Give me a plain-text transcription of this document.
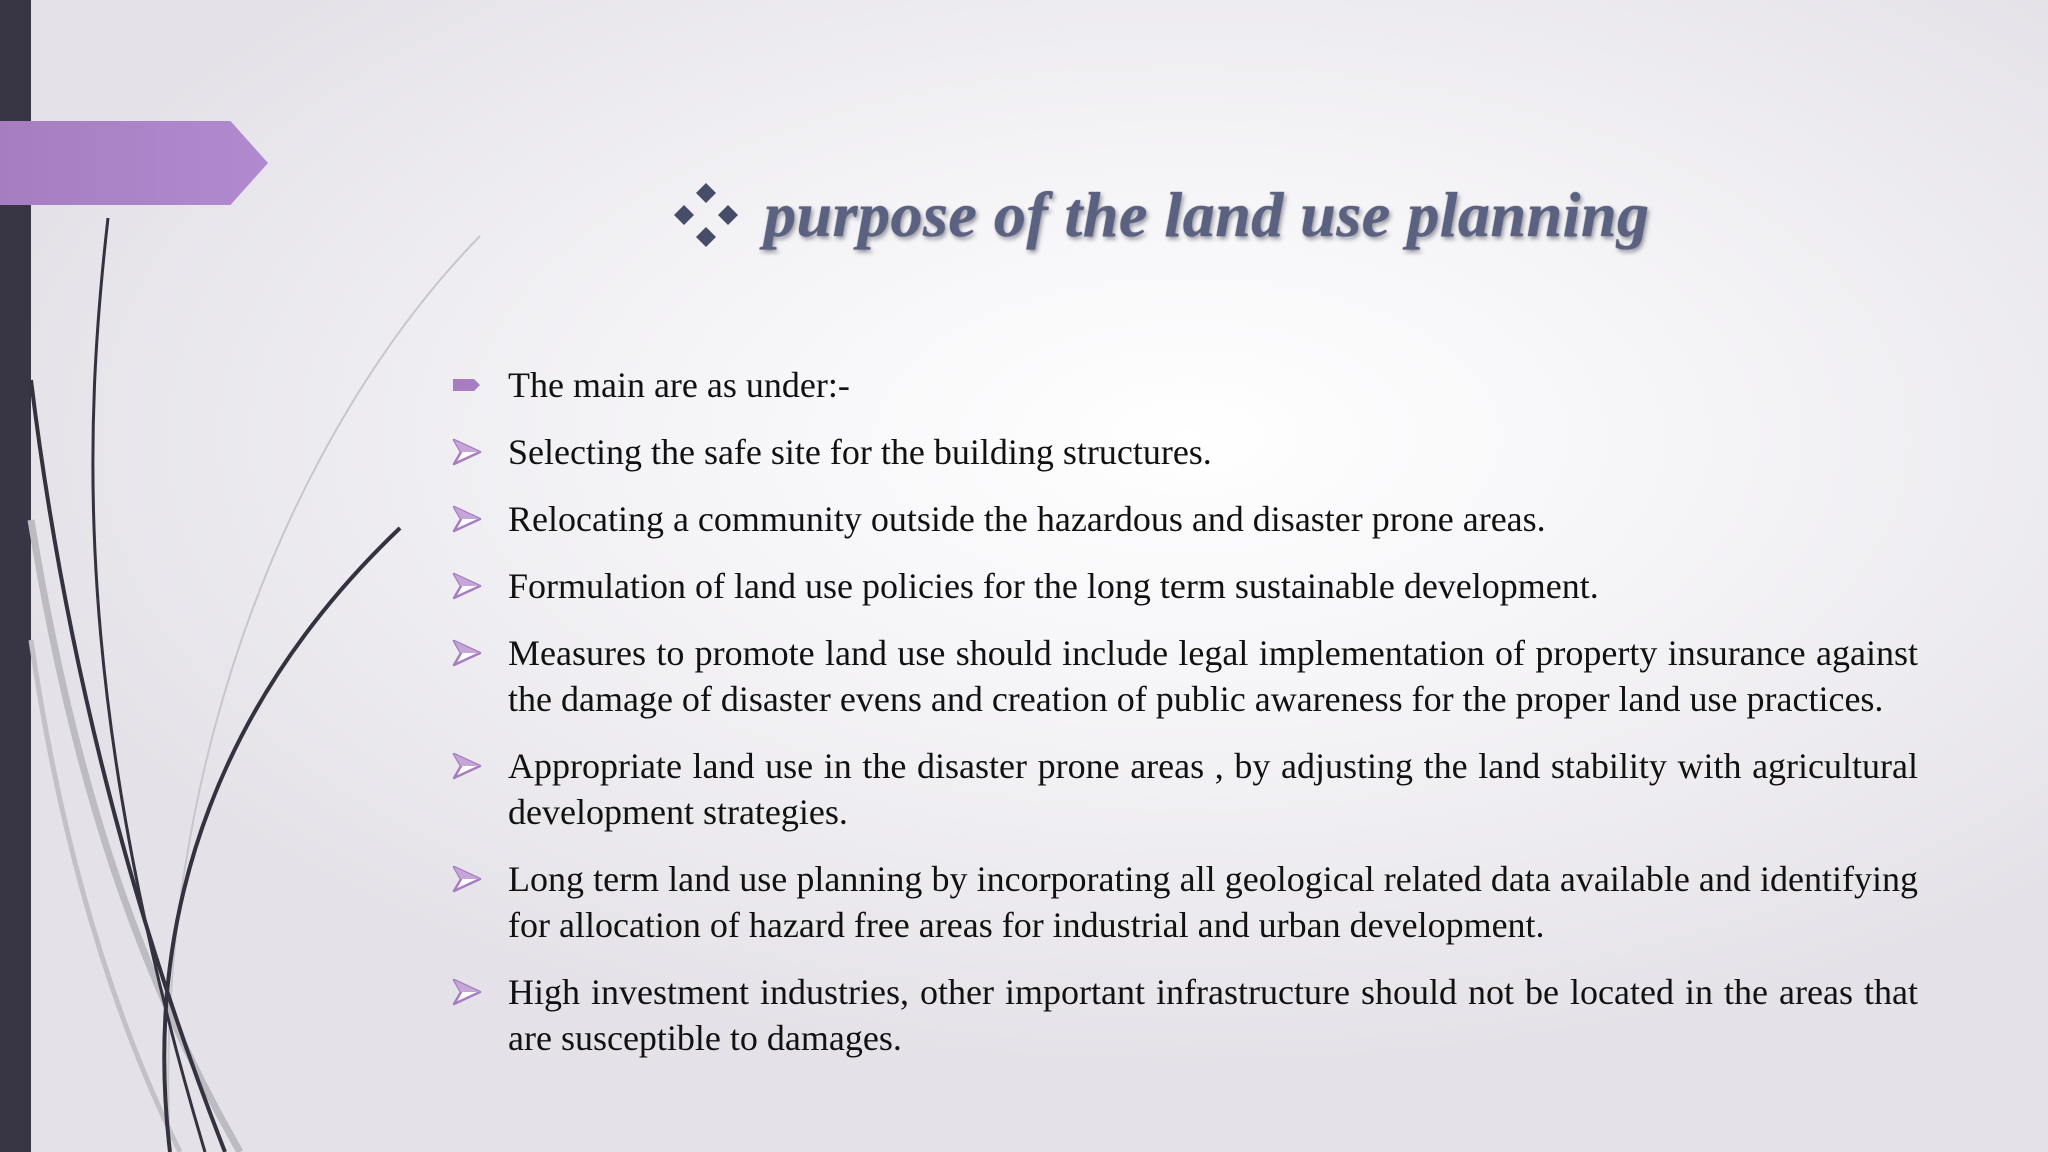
purpose of the land use planning
The main are as under:-
Selecting the safe site for the building structures.
Relocating a community outside the hazardous and disaster prone areas.
Formulation of land use policies for the long term sustainable development.
Measures to promote land use should include legal implementation of property insurance against the damage of disaster evens and creation of public awareness for the proper land use practices.
Appropriate land use in the disaster prone areas , by adjusting the land stability with agricultural development strategies.
Long term land use planning by incorporating all geological related data available and identifying for allocation of hazard free areas for industrial and urban development.
High investment industries, other important infrastructure should not be located in the areas that are susceptible to damages.
